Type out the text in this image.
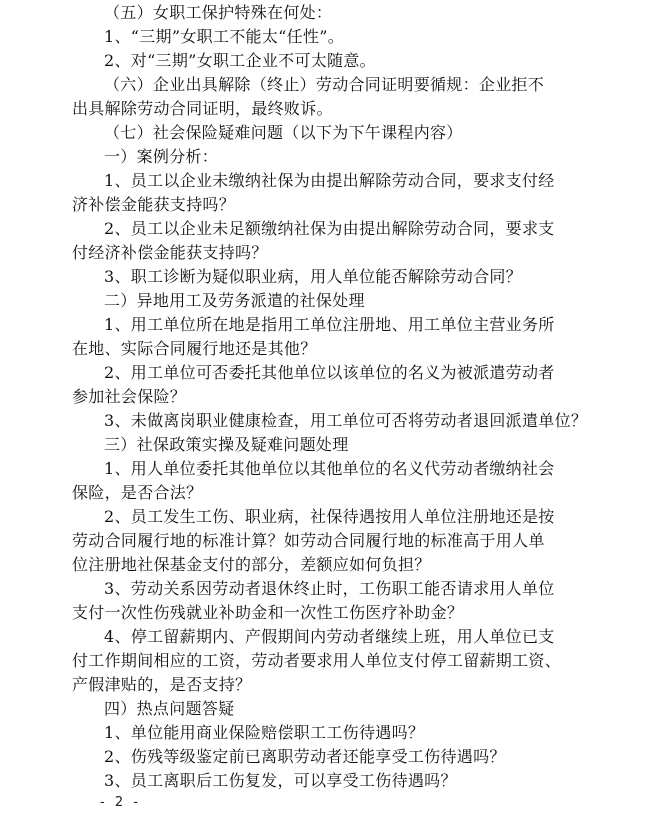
（五）女职工保护特殊在何处：
1、“三期”女职工不能太“任性”。
2、对“三期”女职工企业不可太随意。
（六）企业出具解除（终止）劳动合同证明要循规：企业拒不
出具解除劳动合同证明，最终败诉。
（七）社会保险疑难问题（以下为下午课程内容）
一）案例分析：
1、员工以企业未缴纳社保为由提出解除劳动合同，要求支付经
济补偿金能获支持吗？
2、员工以企业未足额缴纳社保为由提出解除劳动合同，要求支
付经济补偿金能获支持吗？
3、职工诊断为疑似职业病，用人单位能否解除劳动合同？
二）异地用工及劳务派遣的社保处理
1、用工单位所在地是指用工单位注册地、用工单位主营业务所
在地、实际合同履行地还是其他？
2、用工单位可否委托其他单位以该单位的名义为被派遣劳动者
参加社会保险？
3、未做离岗职业健康检查，用工单位可否将劳动者退回派遣单位？
三）社保政策实操及疑难问题处理
1、用人单位委托其他单位以其他单位的名义代劳动者缴纳社会
保险，是否合法？
2、员工发生工伤、职业病，社保待遇按用人单位注册地还是按
劳动合同履行地的标准计算？如劳动合同履行地的标准高于用人单
位注册地社保基金支付的部分，差额应如何负担？
3、劳动关系因劳动者退休终止时，工伤职工能否请求用人单位
支付一次性伤残就业补助金和一次性工伤医疗补助金？
4、停工留薪期内、产假期间内劳动者继续上班，用人单位已支
付工作期间相应的工资，劳动者要求用人单位支付停工留薪期工资、
产假津贴的，是否支持？
四）热点问题答疑
1、单位能用商业保险赔偿职工工伤待遇吗？
2、伤残等级鉴定前已离职劳动者还能享受工伤待遇吗？
3、员工离职后工伤复发，可以享受工伤待遇吗？
- 2 -
